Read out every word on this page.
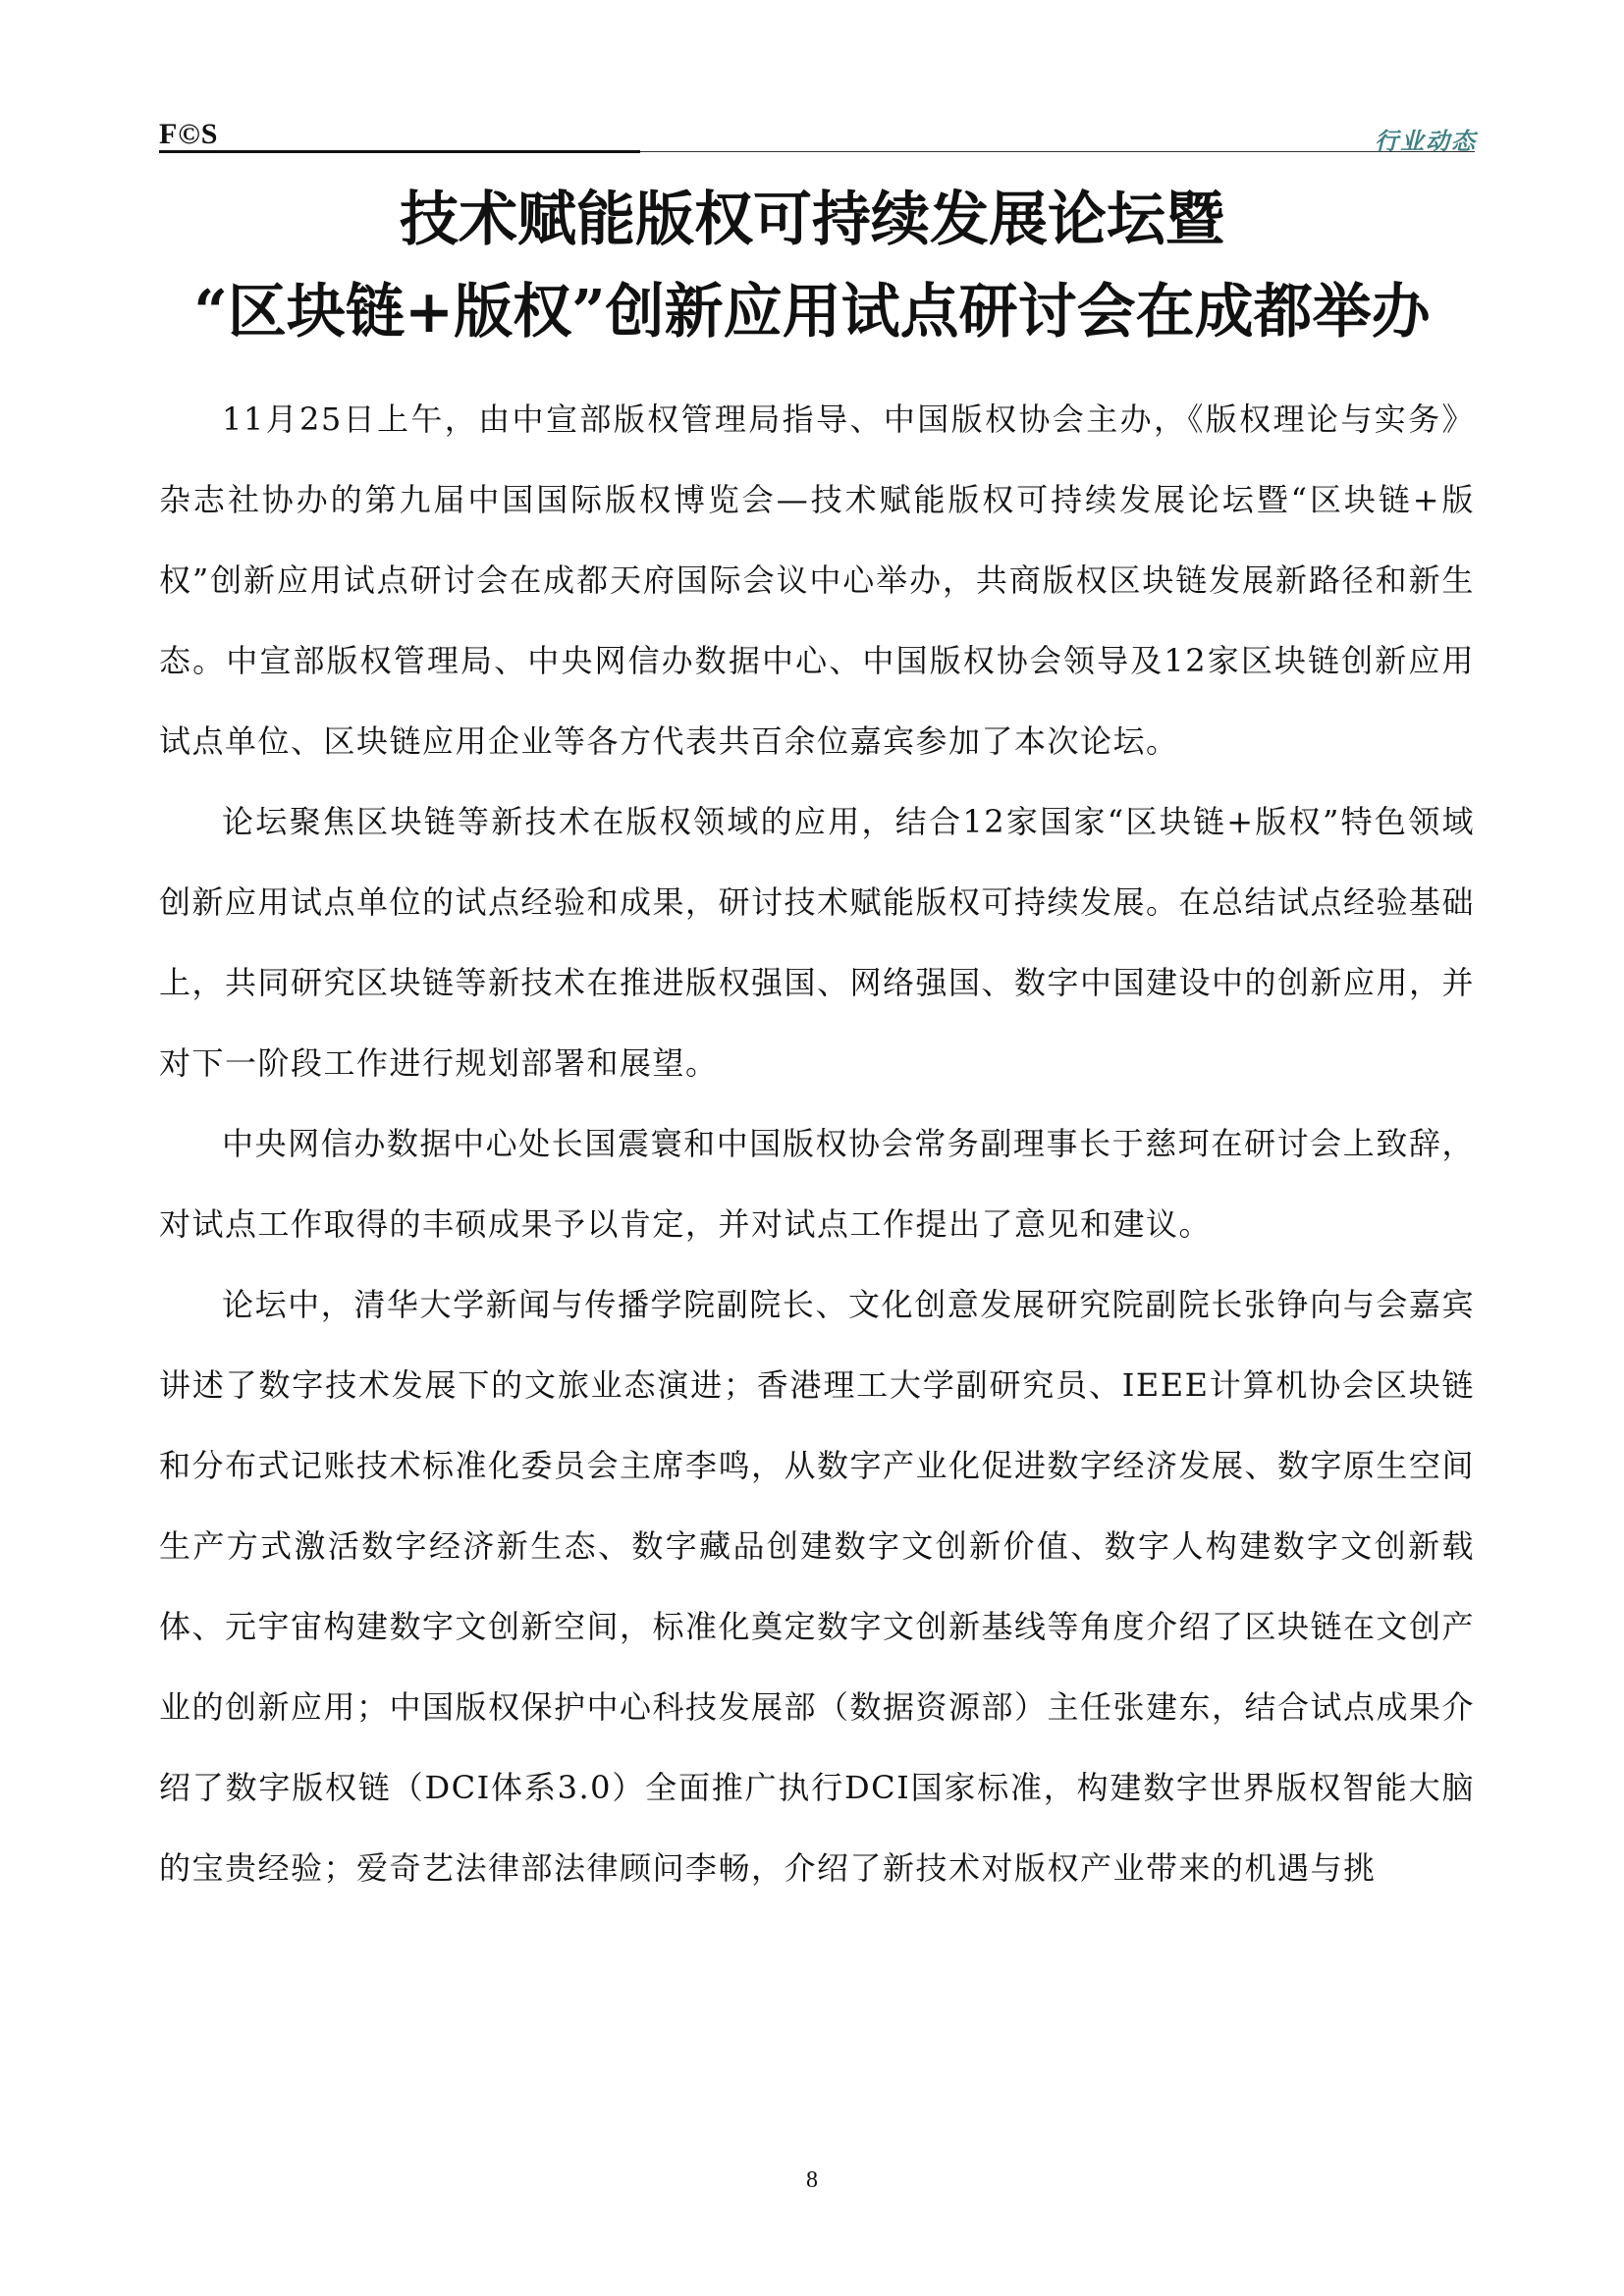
F©S	行业动态
技术赋能版权可持续发展论坛暨
“区块链+版权”创新应用试点研讨会在成都举办

11月25日上午，由中宣部版权管理局指导、中国版权协会主办，《版权理论与实务》杂志社协办的第九届中国国际版权博览会—技术赋能版权可持续发展论坛暨“区块链+版权”创新应用试点研讨会在成都天府国际会议中心举办，共商版权区块链发展新路径和新生态。中宣部版权管理局、中央网信办数据中心、中国版权协会领导及12家区块链创新应用试点单位、区块链应用企业等各方代表共百余位嘉宾参加了本次论坛。

论坛聚焦区块链等新技术在版权领域的应用，结合12家国家“区块链+版权”特色领域创新应用试点单位的试点经验和成果，研讨技术赋能版权可持续发展。在总结试点经验基础上，共同研究区块链等新技术在推进版权强国、网络强国、数字中国建设中的创新应用，并对下一阶段工作进行规划部署和展望。

中央网信办数据中心处长国震寰和中国版权协会常务副理事长于慈珂在研讨会上致辞，对试点工作取得的丰硕成果予以肯定，并对试点工作提出了意见和建议。

论坛中，清华大学新闻与传播学院副院长、文化创意发展研究院副院长张铮向与会嘉宾讲述了数字技术发展下的文旅业态演进；香港理工大学副研究员、IEEE计算机协会区块链和分布式记账技术标准化委员会主席李鸣，从数字产业化促进数字经济发展、数字原生空间生产方式激活数字经济新生态、数字藏品创建数字文创新价值、数字人构建数字文创新载体、元宇宙构建数字文创新空间，标准化奠定数字文创新基线等角度介绍了区块链在文创产业的创新应用；中国版权保护中心科技发展部（数据资源部）主任张建东，结合试点成果介绍了数字版权链（DCI体系3.0）全面推广执行DCI国家标准，构建数字世界版权智能大脑的宝贵经验；爱奇艺法律部法律顾问李畅，介绍了新技术对版权产业带来的机遇与挑

8
